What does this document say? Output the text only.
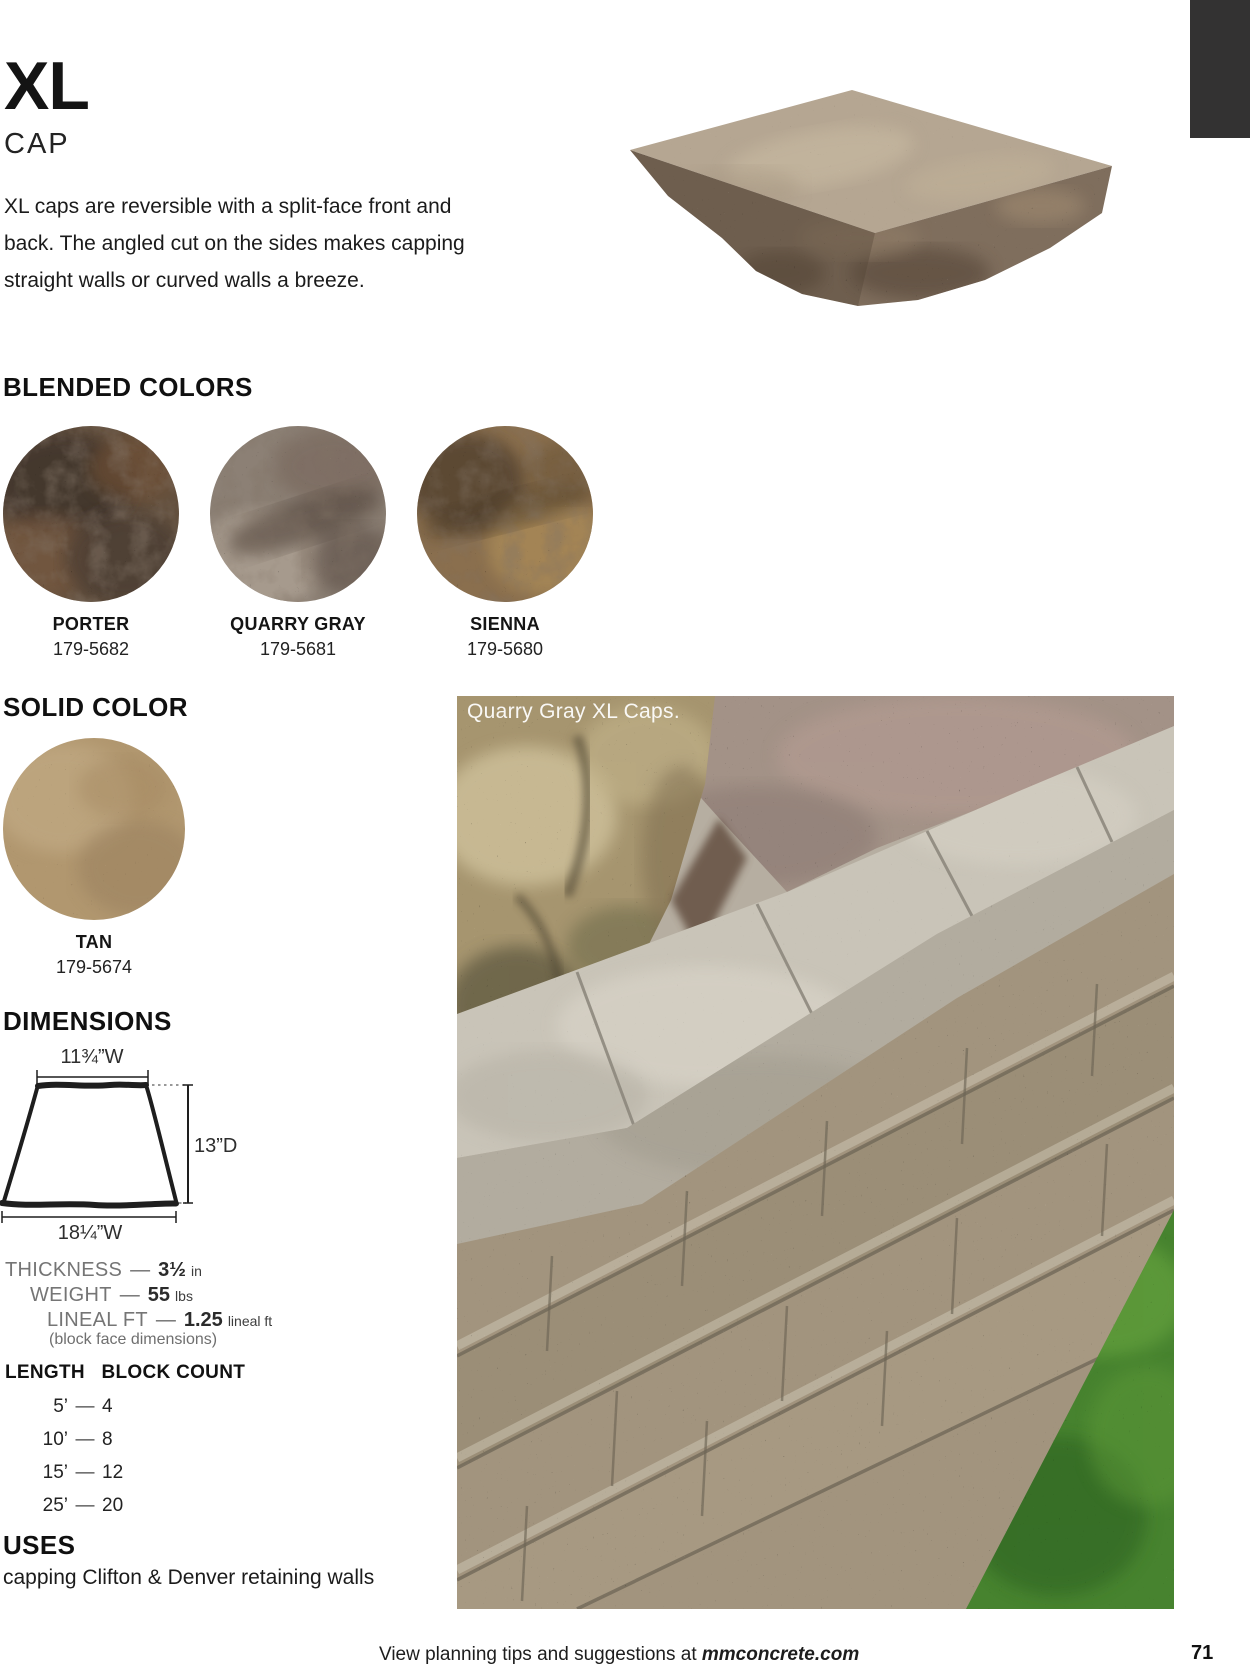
XL
CAP
XL caps are reversible with a split-face front and
back. The angled cut on the sides makes capping
straight walls or curved walls a breeze.
BLENDED COLORS
PORTER
179-5682
QUARRY GRAY
179-5681
SIENNA
179-5680
SOLID COLOR
TAN
179-5674
Quarry Gray XL Caps.
DIMENSIONS
11¾”W
13”D
18¼”W
THICKNESS — 3½ in
WEIGHT — 55 lbs
LINEAL FT — 1.25 lineal ft
(block face dimensions)
LENGTH BLOCK COUNT
5’ — 4
10’ — 8
15’ — 12
25’ — 20
USES
capping Clifton & Denver retaining walls
View planning tips and suggestions at mmconcrete.com	71
